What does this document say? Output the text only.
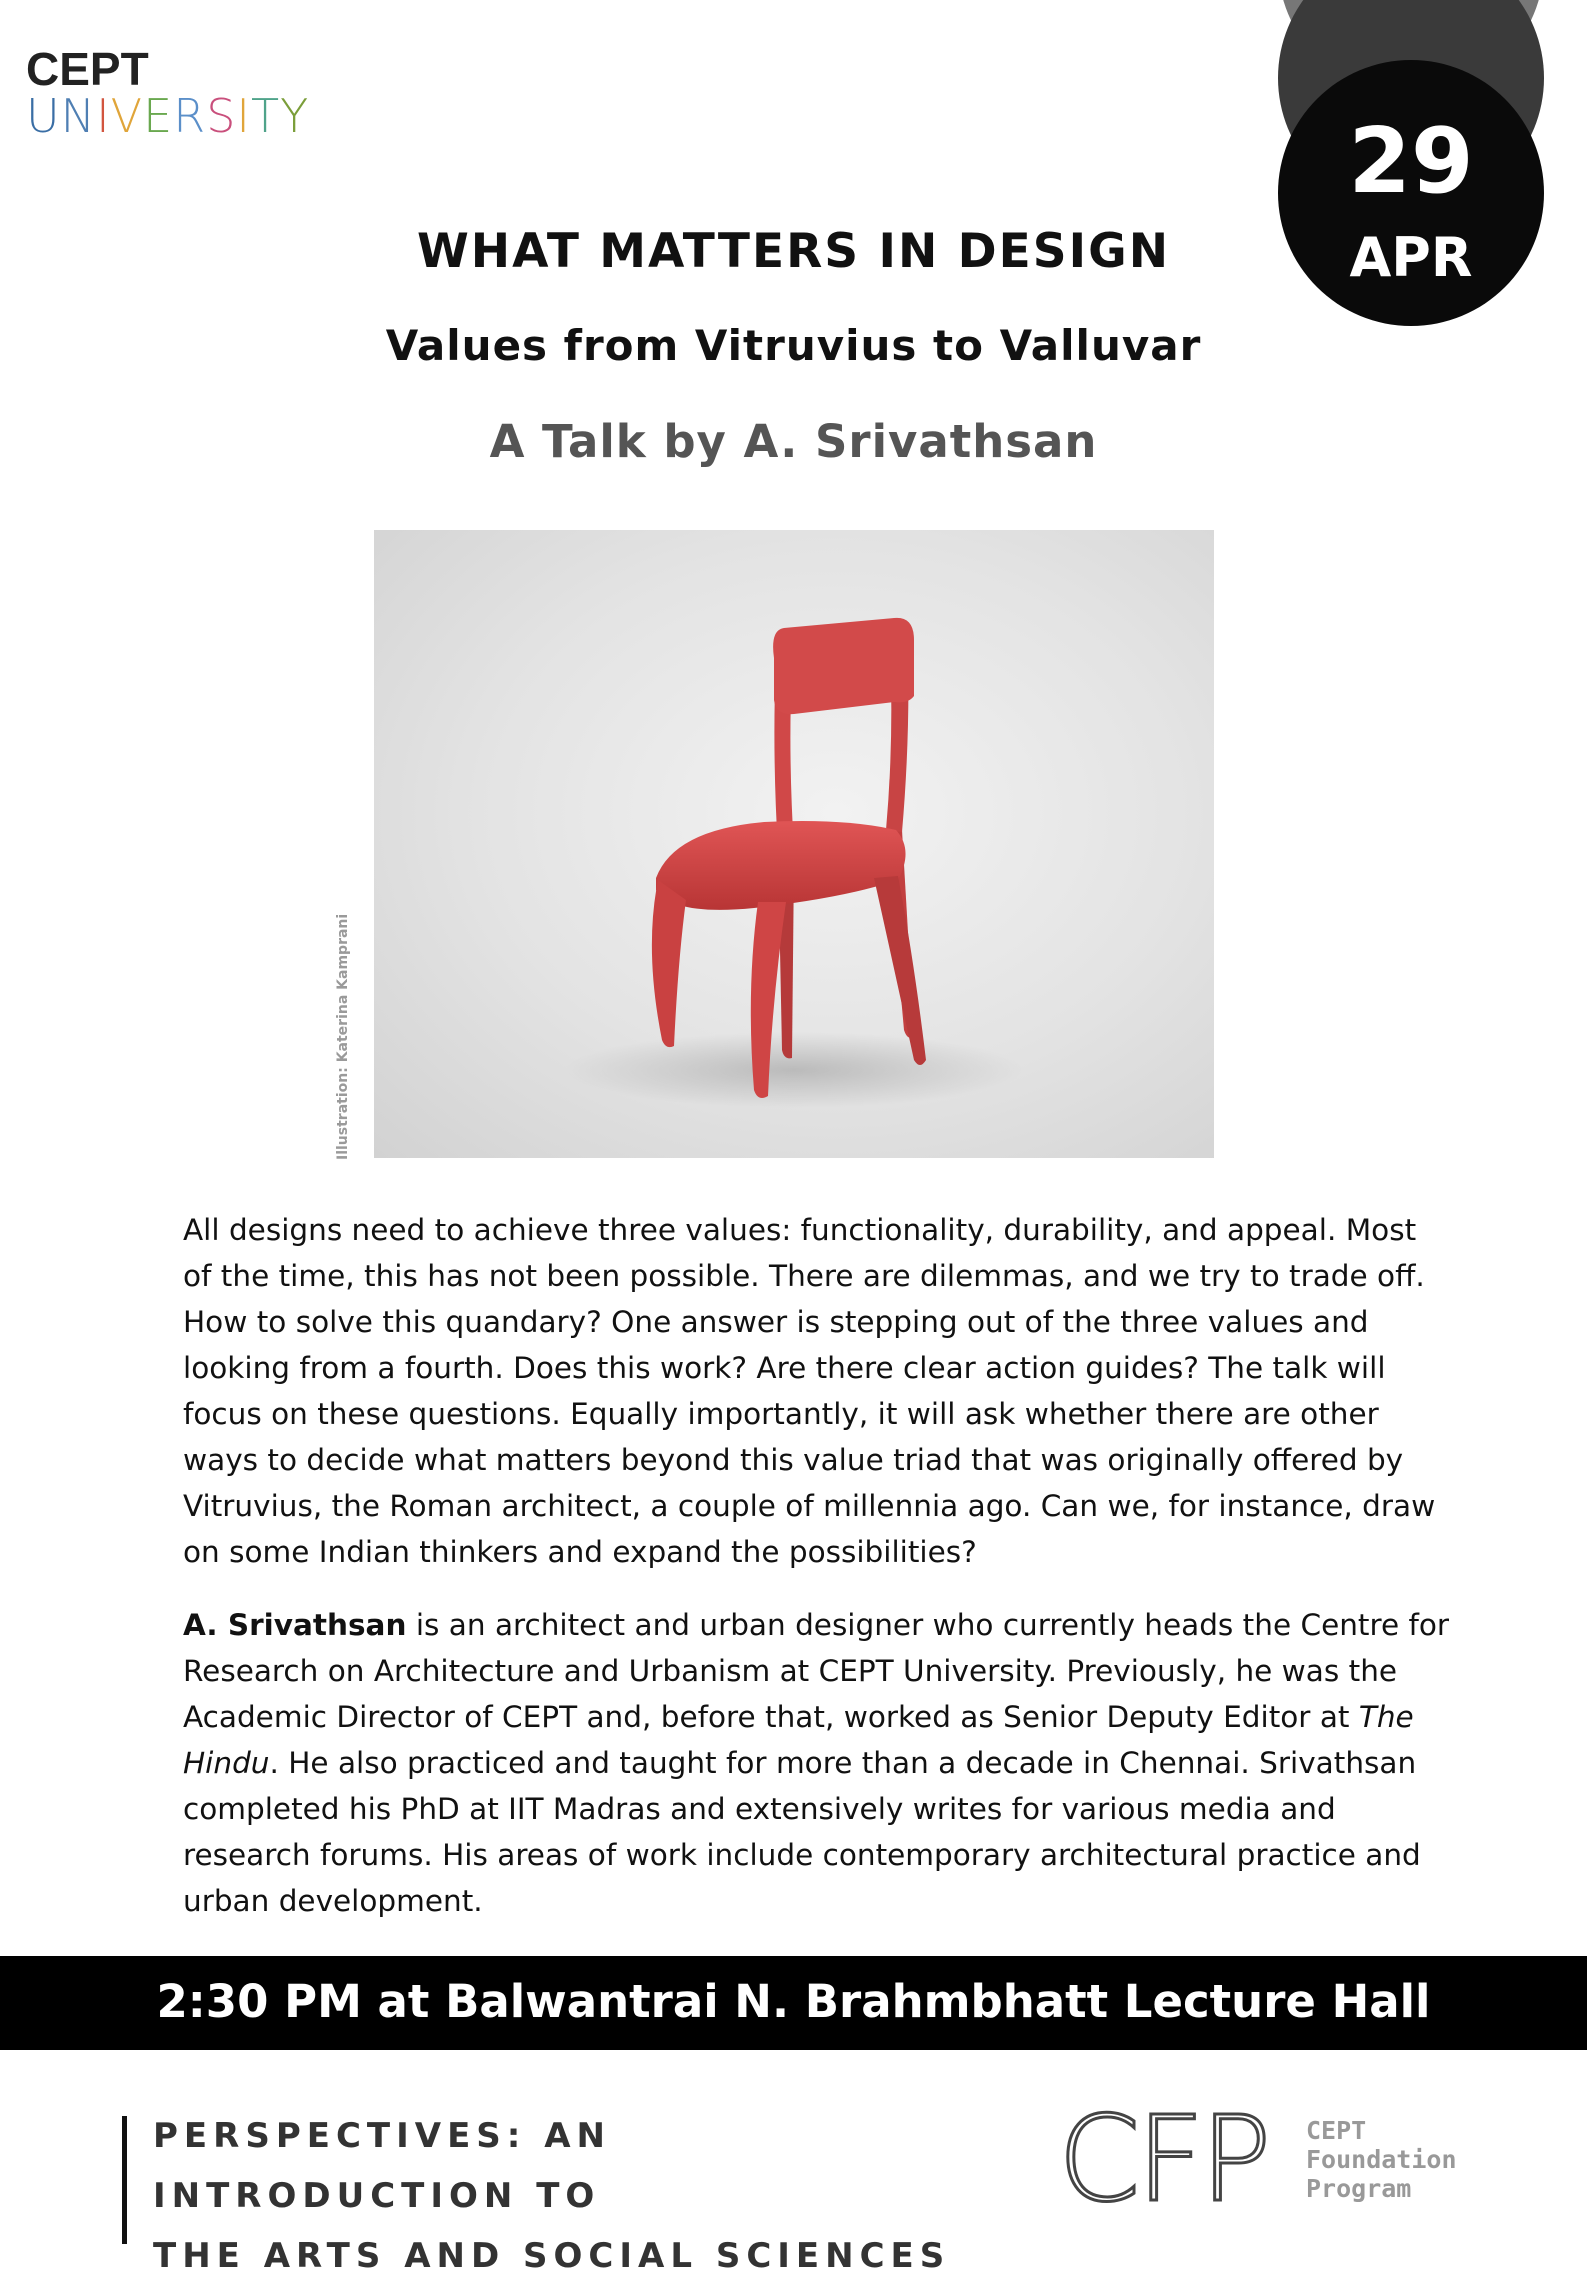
CEPT
UNIVERSITY	29
APR
WHAT MATTERS IN DESIGN
Values from Vitruvius to Valluvar
A Talk by A. Srivathsan
Illustration: Katerina Kamprani
All designs need to achieve three values: functionality, durability, and appeal. Most of the time, this has not been possible. There are dilemmas, and we try to trade off. How to solve this quandary? One answer is stepping out of the three values and looking from a fourth. Does this work? Are there clear action guides? The talk will focus on these questions. Equally importantly, it will ask whether there are other ways to decide what matters beyond this value triad that was originally offered by Vitruvius, the Roman architect, a couple of millennia ago. Can we, for instance, draw on some Indian thinkers and expand the possibilities?
A. Srivathsan is an architect and urban designer who currently heads the Centre for Research on Architecture and Urbanism at CEPT University. Previously, he was the Academic Director of CEPT and, before that, worked as Senior Deputy Editor at The Hindu. He also practiced and taught for more than a decade in Chennai. Srivathsan completed his PhD at IIT Madras and extensively writes for various media and research forums. His areas of work include contemporary architectural practice and urban development.
2:30 PM at Balwantrai N. Brahmbhatt Lecture Hall
PERSPECTIVES: AN INTRODUCTION TO
THE ARTS AND SOCIAL SCIENCES
CFP CEPT
Foundation
Program
